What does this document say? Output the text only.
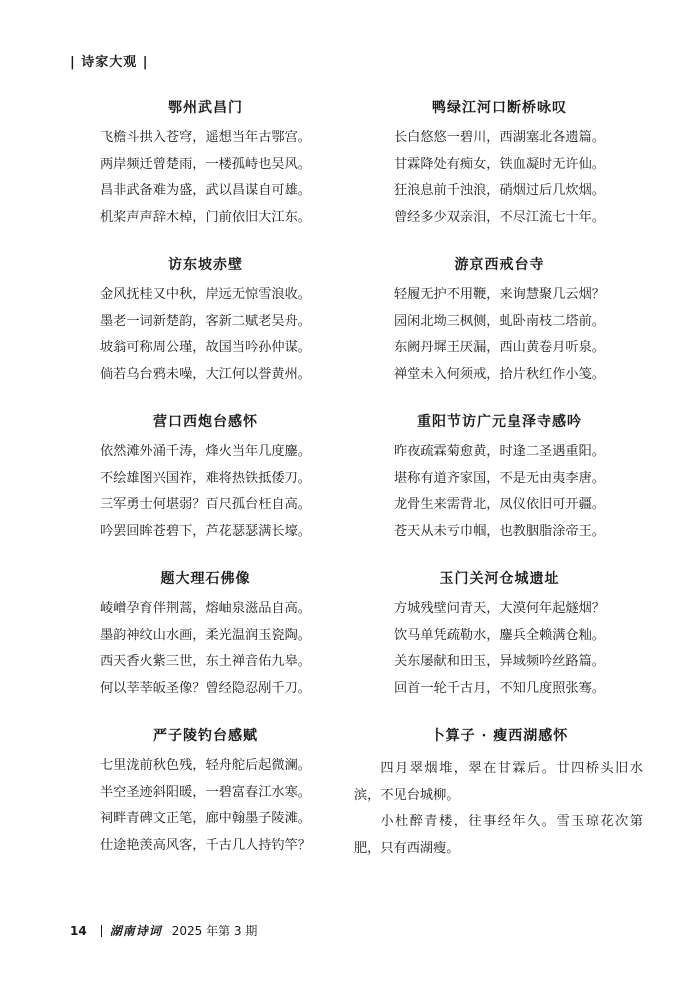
| 诗家大观 |
鄂州武昌门
飞檐斗拱入苍穹，遥想当年古鄂宫。
两岸频迁曾楚雨，一楼孤峙也吴风。
昌非武备难为盛，武以昌谋自可雄。
机桨声声辞木棹，门前依旧大江东。
访东坡赤壁
金风抚桂又中秋，岸远无惊雪浪收。
墨老一词新楚韵，客新二赋老吴舟。
坡翁可称周公瑾，故国当吟孙仲谋。
倘若乌台鸦未噪，大江何以誉黄州。
营口西炮台感怀
依然滩外涌千涛，烽火当年几度鏖。
不绘雄图兴国祚，难将热铁抵倭刀。
三军勇士何堪弱？百尺孤台枉自高。
吟罢回眸苍碧下，芦花瑟瑟满长壕。
题大理石佛像
崚嶒孕育伴荆蒿，熔岫泉滋品自高。
墨韵神纹山水画，柔光温润玉瓷陶。
西天香火紫三世，东土禅音佑九皋。
何以莘莘皈圣像？曾经隐忍剐千刀。
严子陵钓台感赋
七里泷前秋色残，轻舟舵后起微澜。
半空圣迹斜阳暖，一碧富春江水寒。
祠畔青碑文正笔，廊中翰墨子陵滩。
仕途艳羡高风客，千古几人持钓竿？
鸭绿江河口断桥咏叹
长白悠悠一碧川，西湖塞北各遗篇。
甘霖降处有痴女，铁血凝时无许仙。
狂浪息前千浊浪，硝烟过后几炊烟。
曾经多少双亲泪，不尽江流七十年。
游京西戒台寺
轻履无护不用鞭，来询慧聚几云烟？
园闲北坳三枫侧，虬卧南枝二塔前。
东阙丹墀王厌漏，西山黄卷月听泉。
禅堂未入何须戒，拾片秋红作小笺。
重阳节访广元皇泽寺感吟
昨夜疏霖菊愈黄，时逢二圣遇重阳。
堪称有道齐家国，不是无由夷李唐。
龙骨生来需背北，凤仪依旧可开疆。
苍天从未亏巾帼，也教胭脂涂帝王。
玉门关河仓城遗址
方城残壁问青天，大漠何年起燧烟？
饮马单凭疏勒水，鏖兵全赖满仓籼。
关东屡献和田玉，异域频吟丝路篇。
回首一轮千古月，不知几度照张骞。
卜算子 · 瘦西湖感怀

四月翠烟堆，翠在甘霖后。廿四桥头旧水滨，不见台城柳。

小杜醉青楼，往事经年久。雪玉琼花次第肥，只有西湖瘦。

14 湖南诗词 2025 年第 3 期
